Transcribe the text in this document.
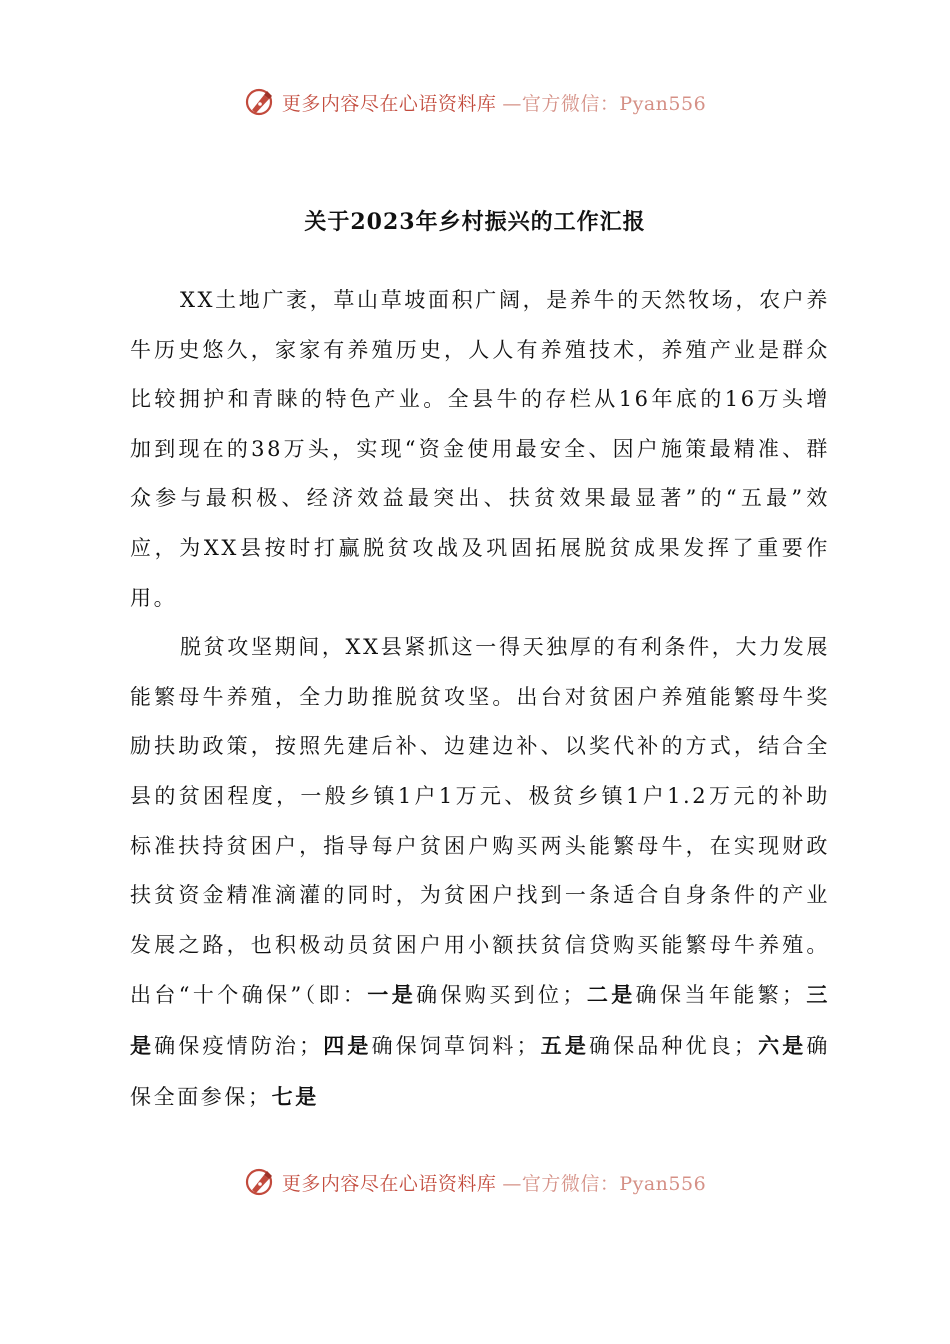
更多内容尽在心语资料库 —官方微信：Pyan556
关于2023年乡村振兴的工作汇报

XX土地广袤，草山草坡面积广阔，是养牛的天然牧场，农户养牛历史悠久，家家有养殖历史，人人有养殖技术，养殖产业是群众比较拥护和青睐的特色产业。全县牛的存栏从16年底的16万头增加到现在的38万头，实现“资金使用最安全、因户施策最精准、群众参与最积极、经济效益最突出、扶贫效果最显著”的“五最”效应，为XX县按时打赢脱贫攻战及巩固拓展脱贫成果发挥了重要作用。

脱贫攻坚期间，XX县紧抓这一得天独厚的有利条件，大力发展能繁母牛养殖，全力助推脱贫攻坚。出台对贫困户养殖能繁母牛奖励扶助政策，按照先建后补、边建边补、以奖代补的方式，结合全县的贫困程度，一般乡镇1户1万元、极贫乡镇1户1.2万元的补助标准扶持贫困户，指导每户贫困户购买两头能繁母牛，在实现财政扶贫资金精准滴灌的同时，为贫困户找到一条适合自身条件的产业发展之路，也积极动员贫困户用小额扶贫信贷购买能繁母牛养殖。出台“十个确保”（即：一是确保购买到位；二是确保当年能繁；三是确保疫情防治；四是确保饲草饲料；五是确保品种优良；六是确保全面参保；七是

更多内容尽在心语资料库 —官方微信：Pyan556
